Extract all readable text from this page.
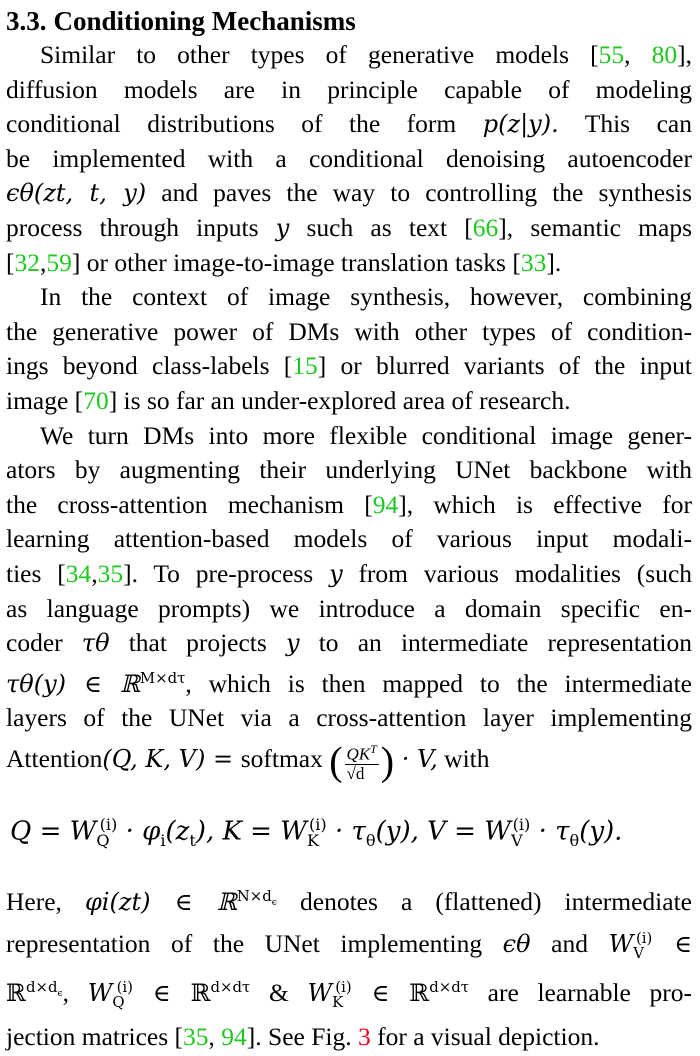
3.3. Conditioning Mechanisms
Similar to other types of generative models [55, 80],
diffusion models are in principle capable of modeling
conditional distributions of the form p(z|y). This can
be implemented with a conditional denoising autoencoder
ϵθ(zt, t, y) and paves the way to controlling the synthesis
process through inputs y such as text [66], semantic maps
[32,59] or other image-to-image translation tasks [33].
In the context of image synthesis, however, combining
the generative power of DMs with other types of condition-
ings beyond class-labels [15] or blurred variants of the input
image [70] is so far an under-explored area of research.
We turn DMs into more flexible conditional image gener-
ators by augmenting their underlying UNet backbone with
the cross-attention mechanism [94], which is effective for
learning attention-based models of various input modali-
ties [34,35]. To pre-process y from various modalities (such
as language prompts) we introduce a domain specific en-
coder τθ that projects y to an intermediate representation
τθ(y) ∈ ℝ$^{M\times d\tau}$, which is then mapped to the intermediate
layers of the UNet via a cross-attention layer implementing
Attention(Q, K, V) = softmax ( $\frac{QK^T}{√d}$ ) · V, with
$Q = W_Q^{(i)} \cdot \varphi_i(z_t)$, $K = W_K^{(i)} \cdot \tau_\theta(y)$, $V = W_V^{(i)} \cdot \tau_\theta(y)$.
Here, φi(zt) ∈ ℝ$^{N\times d_\epsilon}$ denotes a (flattened) intermediate
representation of the UNet implementing ϵθ and $W_V^{(i)}$ ∈
ℝ$^{d\times d_\epsilon}$, $W_Q^{(i)}$ ∈ ℝ$^{d\times d\tau}$ & $W_K^{(i)}$ ∈ ℝ$^{d\times d\tau}$ are learnable pro-
jection matrices [35, 94]. See Fig. 3 for a visual depiction.
